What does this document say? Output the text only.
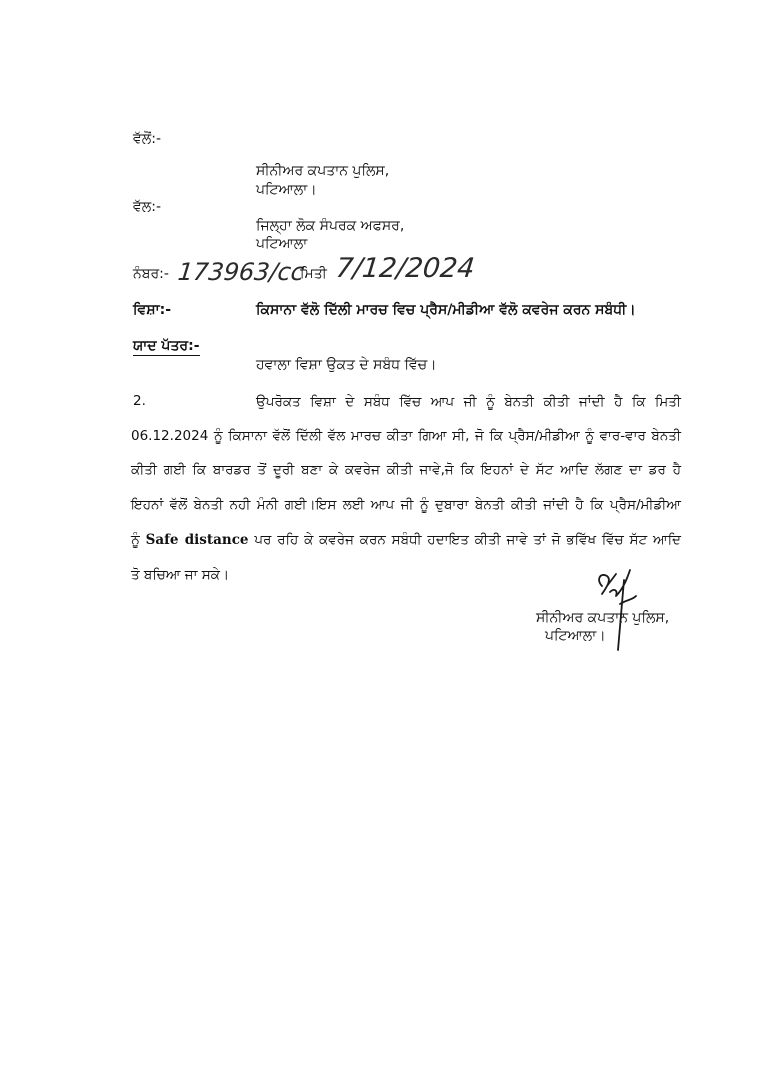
ਵੱਲੋਂ:-
ਸੀਨੀਅਰ ਕਪਤਾਨ ਪੁਲਿਸ,
ਪਟਿਆਲਾ।
ਵੱਲ:-
ਜਿਲ੍ਹਾ ਲੋਕ ਸੰਪਰਕ ਅਫਸਰ,
ਪਟਿਆਲਾ
ਨੰਬਰ:- 173963/cc
ਮਿਤੀ 7/12/2024
ਵਿਸ਼ਾ:-	ਕਿਸਾਨਾ ਵੱਲੋ ਦਿੱਲੀ ਮਾਰਚ ਵਿਚ ਪ੍ਰੈਸ/ਮੀਡੀਆ ਵੱਲੋ ਕਵਰੇਜ ਕਰਨ ਸਬੰਧੀ।
ਯਾਦ ਪੱਤਰ:-
ਹਵਾਲਾ ਵਿਸ਼ਾ ਉਕਤ ਦੇ ਸਬੰਧ ਵਿੱਚ।
2.	ਉਪਰੋਕਤ ਵਿਸ਼ਾ ਦੇ ਸਬੰਧ ਵਿੱਚ ਆਪ ਜੀ ਨੂੰ ਬੇਨਤੀ ਕੀਤੀ ਜਾਂਦੀ ਹੈ ਕਿ ਮਿਤੀ
06.12.2024 ਨੂੰ ਕਿਸਾਨਾ ਵੱਲੋਂ ਦਿੱਲੀ ਵੱਲ ਮਾਰਚ ਕੀਤਾ ਗਿਆ ਸੀ, ਜੋ ਕਿ ਪ੍ਰੈਸ/ਮੀਡੀਆ ਨੂੰ ਵਾਰ-ਵਾਰ ਬੇਨਤੀ
ਕੀਤੀ ਗਈ ਕਿ ਬਾਰਡਰ ਤੋਂ ਦੂਰੀ ਬਣਾ ਕੇ ਕਵਰੇਜ ਕੀਤੀ ਜਾਵੇ,ਜੋ ਕਿ ਇਹਨਾਂ ਦੇ ਸੱਟ ਆਦਿ ਲੱਗਣ ਦਾ ਡਰ ਹੈ
ਇਹਨਾਂ ਵੱਲੋਂ ਬੇਨਤੀ ਨਹੀ ਮੰਨੀ ਗਈ।ਇਸ ਲਈ ਆਪ ਜੀ ਨੂੰ ਦੁਬਾਰਾ ਬੇਨਤੀ ਕੀਤੀ ਜਾਂਦੀ ਹੈ ਕਿ ਪ੍ਰੈਸ/ਮੀਡੀਆ
ਨੂੰ Safe distance ਪਰ ਰਹਿ ਕੇ ਕਵਰੇਜ ਕਰਨ ਸਬੰਧੀ ਹਦਾਇਤ ਕੀਤੀ ਜਾਵੇ ਤਾਂ ਜੋ ਭਵਿੱਖ ਵਿੱਚ ਸੱਟ ਆਦਿ
ਤੋ ਬਚਿਆ ਜਾ ਸਕੇ।
ਸੀਨੀਅਰ ਕਪਤਾਨ ਪੁਲਿਸ,
ਪਟਿਆਲਾ।
